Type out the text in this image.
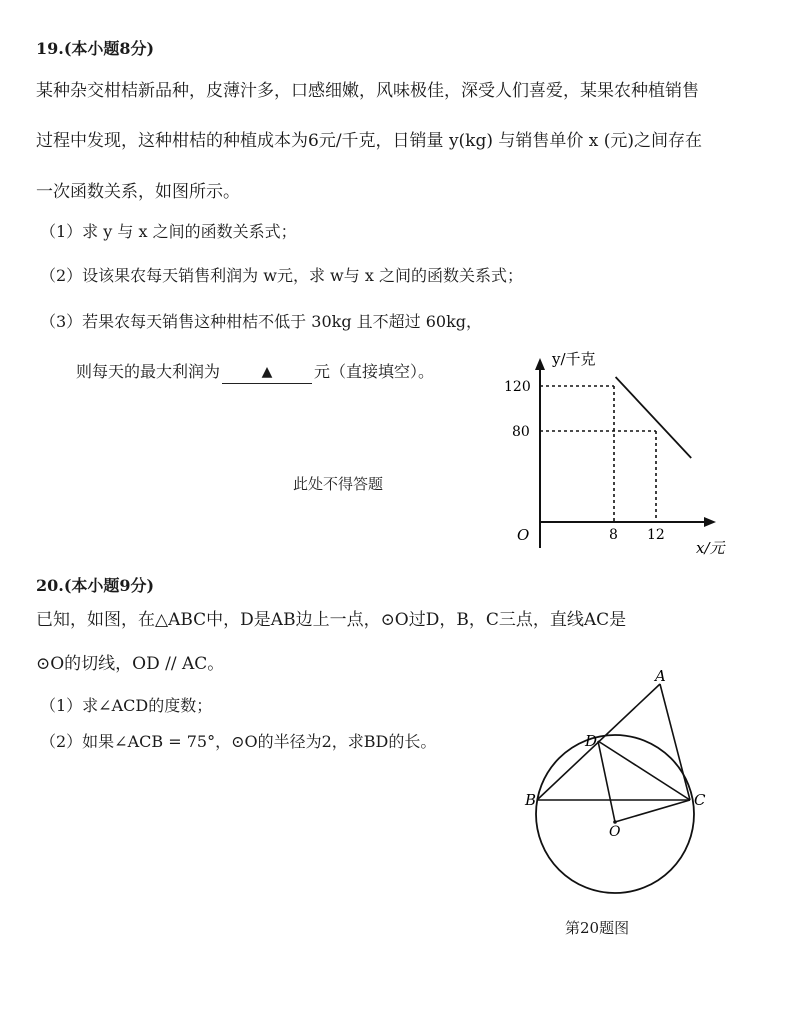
19.(本小题8分)
某种杂交柑桔新品种，皮薄汁多，口感细嫩，风味极佳，深受人们喜爱，某果农种植销售
过程中发现，这种柑桔的种植成本为6元/千克，日销量 y(kg) 与销售单价 x (元)之间存在
一次函数关系，如图所示。
（1）求 y 与 x 之间的函数关系式；
（2）设该果农每天销售利润为 w元，求 w与 x 之间的函数关系式；
（3）若果农每天销售这种柑桔不低于 30kg 且不超过 60kg，
则每天的最大利润为	▲	元（直接填空）。
此处不得答题
y/千克
x/元
O
120
80
8 12
20.(本小题9分)
已知，如图，在△ABC中，D是AB边上一点，⊙O过D，B，C三点，直线AC是
⊙O的切线，OD // AC。
（1）求∠ACD的度数；
（2）如果∠ACB = 75°，⊙O的半径为2，求BD的长。
A
D
B	C
O
第20题图
